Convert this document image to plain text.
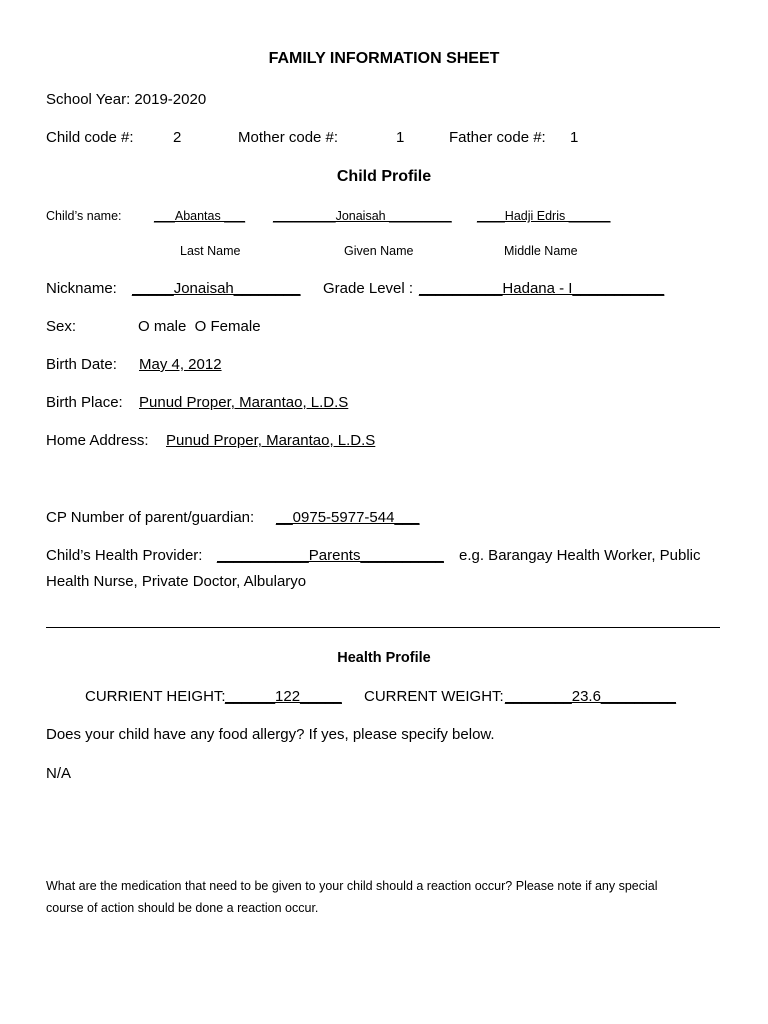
FAMILY INFORMATION SHEET
School Year: 2019-2020
Child code #:	2	Mother code #:	1	Father code #: 1
Child Profile
Child’s name:	___Abantas ___ _________Jonaisah _________ ____Hadji Edris ______
Last Name	Given Name	Middle Name
Nickname: _____Jonaisah________ Grade Level : __________Hadana - I___________
Sex:	O male  O Female
Birth Date: May 4, 2012
Birth Place: Punud Proper, Marantao, L.D.S
Home Address: Punud Proper, Marantao, L.D.S
CP Number of parent/guardian: __0975-5977-544___
Child’s Health Provider: ___________Parents__________ e.g. Barangay Health Worker, Public
Health Nurse, Private Doctor, Albularyo
Health Profile
CURRIENT HEIGHT: ______122_____ CURRENT WEIGHT: ________23.6_________
Does your child have any food allergy? If yes, please specify below.
N/A
What are the medication that need to be given to your child should a reaction occur? Please note if any special
course of action should be done a reaction occur.
